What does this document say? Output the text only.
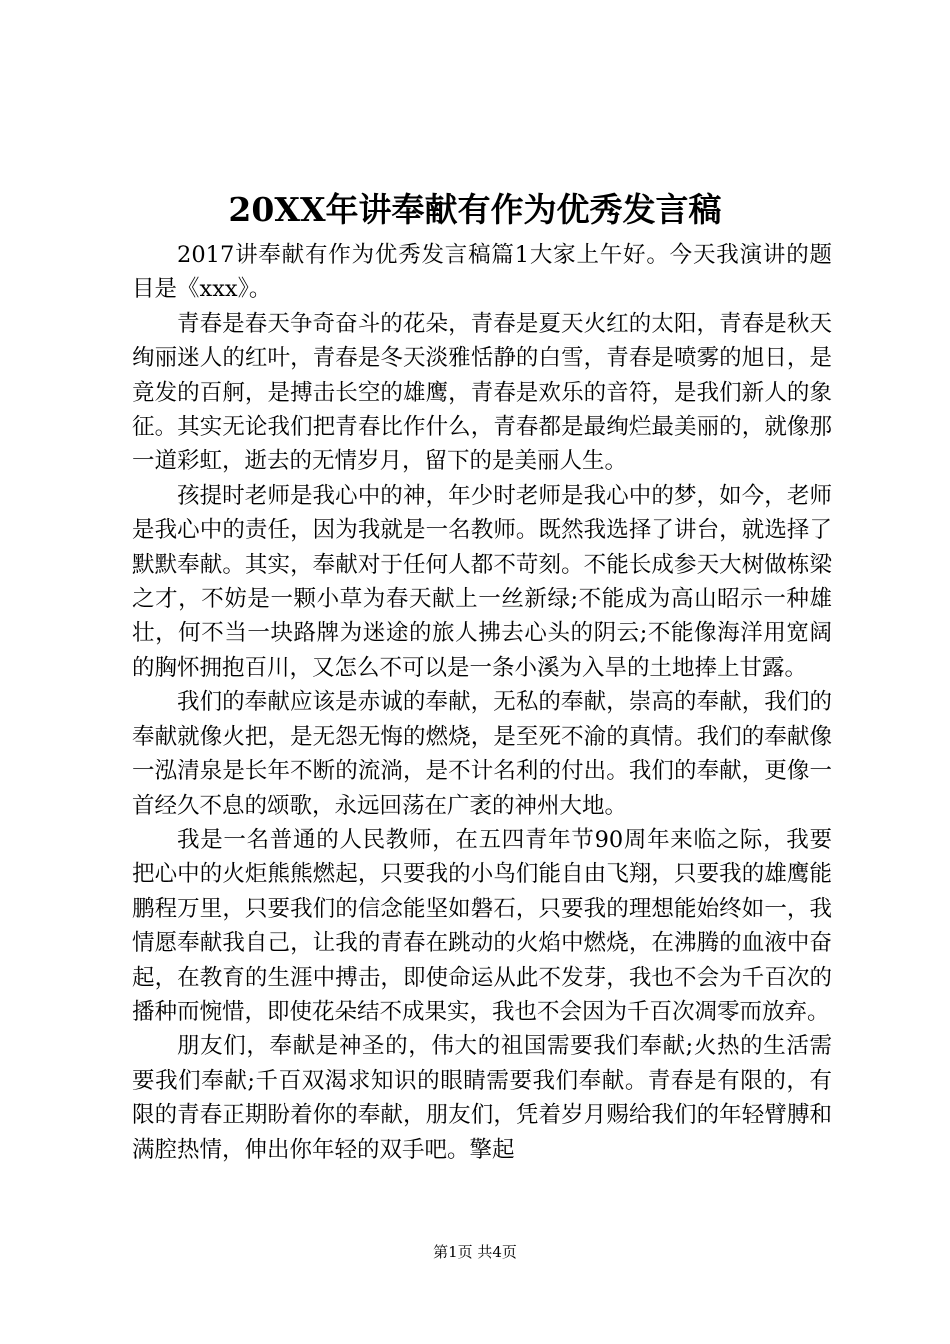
20XX年讲奉献有作为优秀发言稿

2017讲奉献有作为优秀发言稿篇1大家上午好。今天我演讲的题目是《xxx》。

青春是春天争奇奋斗的花朵，青春是夏天火红的太阳，青春是秋天绚丽迷人的红叶，青春是冬天淡雅恬静的白雪，青春是喷雾的旭日，是竟发的百舸，是搏击长空的雄鹰，青春是欢乐的音符，是我们新人的象征。其实无论我们把青春比作什么，青春都是最绚烂最美丽的，就像那一道彩虹，逝去的无情岁月，留下的是美丽人生。

孩提时老师是我心中的神，年少时老师是我心中的梦，如今，老师是我心中的责任，因为我就是一名教师。既然我选择了讲台，就选择了默默奉献。其实，奉献对于任何人都不苛刻。不能长成参天大树做栋梁之才，不妨是一颗小草为春天献上一丝新绿;不能成为高山昭示一种雄壮，何不当一块路牌为迷途的旅人拂去心头的阴云;不能像海洋用宽阔的胸怀拥抱百川，又怎么不可以是一条小溪为入旱的土地捧上甘露。

我们的奉献应该是赤诚的奉献，无私的奉献，崇高的奉献，我们的奉献就像火把，是无怨无悔的燃烧，是至死不渝的真情。我们的奉献像一泓清泉是长年不断的流淌，是不计名利的付出。我们的奉献，更像一首经久不息的颂歌，永远回荡在广袤的神州大地。

我是一名普通的人民教师，在五四青年节90周年来临之际，我要把心中的火炬熊熊燃起，只要我的小鸟们能自由飞翔，只要我的雄鹰能鹏程万里，只要我们的信念能坚如磐石，只要我的理想能始终如一，我情愿奉献我自己，让我的青春在跳动的火焰中燃烧，在沸腾的血液中奋起，在教育的生涯中搏击，即使命运从此不发芽，我也不会为千百次的播种而惋惜，即使花朵结不成果实，我也不会因为千百次凋零而放弃。

朋友们，奉献是神圣的，伟大的祖国需要我们奉献;火热的生活需要我们奉献;千百双渴求知识的眼睛需要我们奉献。青春是有限的，有限的青春正期盼着你的奉献，朋友们，凭着岁月赐给我们的年轻臂膊和满腔热情，伸出你年轻的双手吧。擎起

第1页 共4页
